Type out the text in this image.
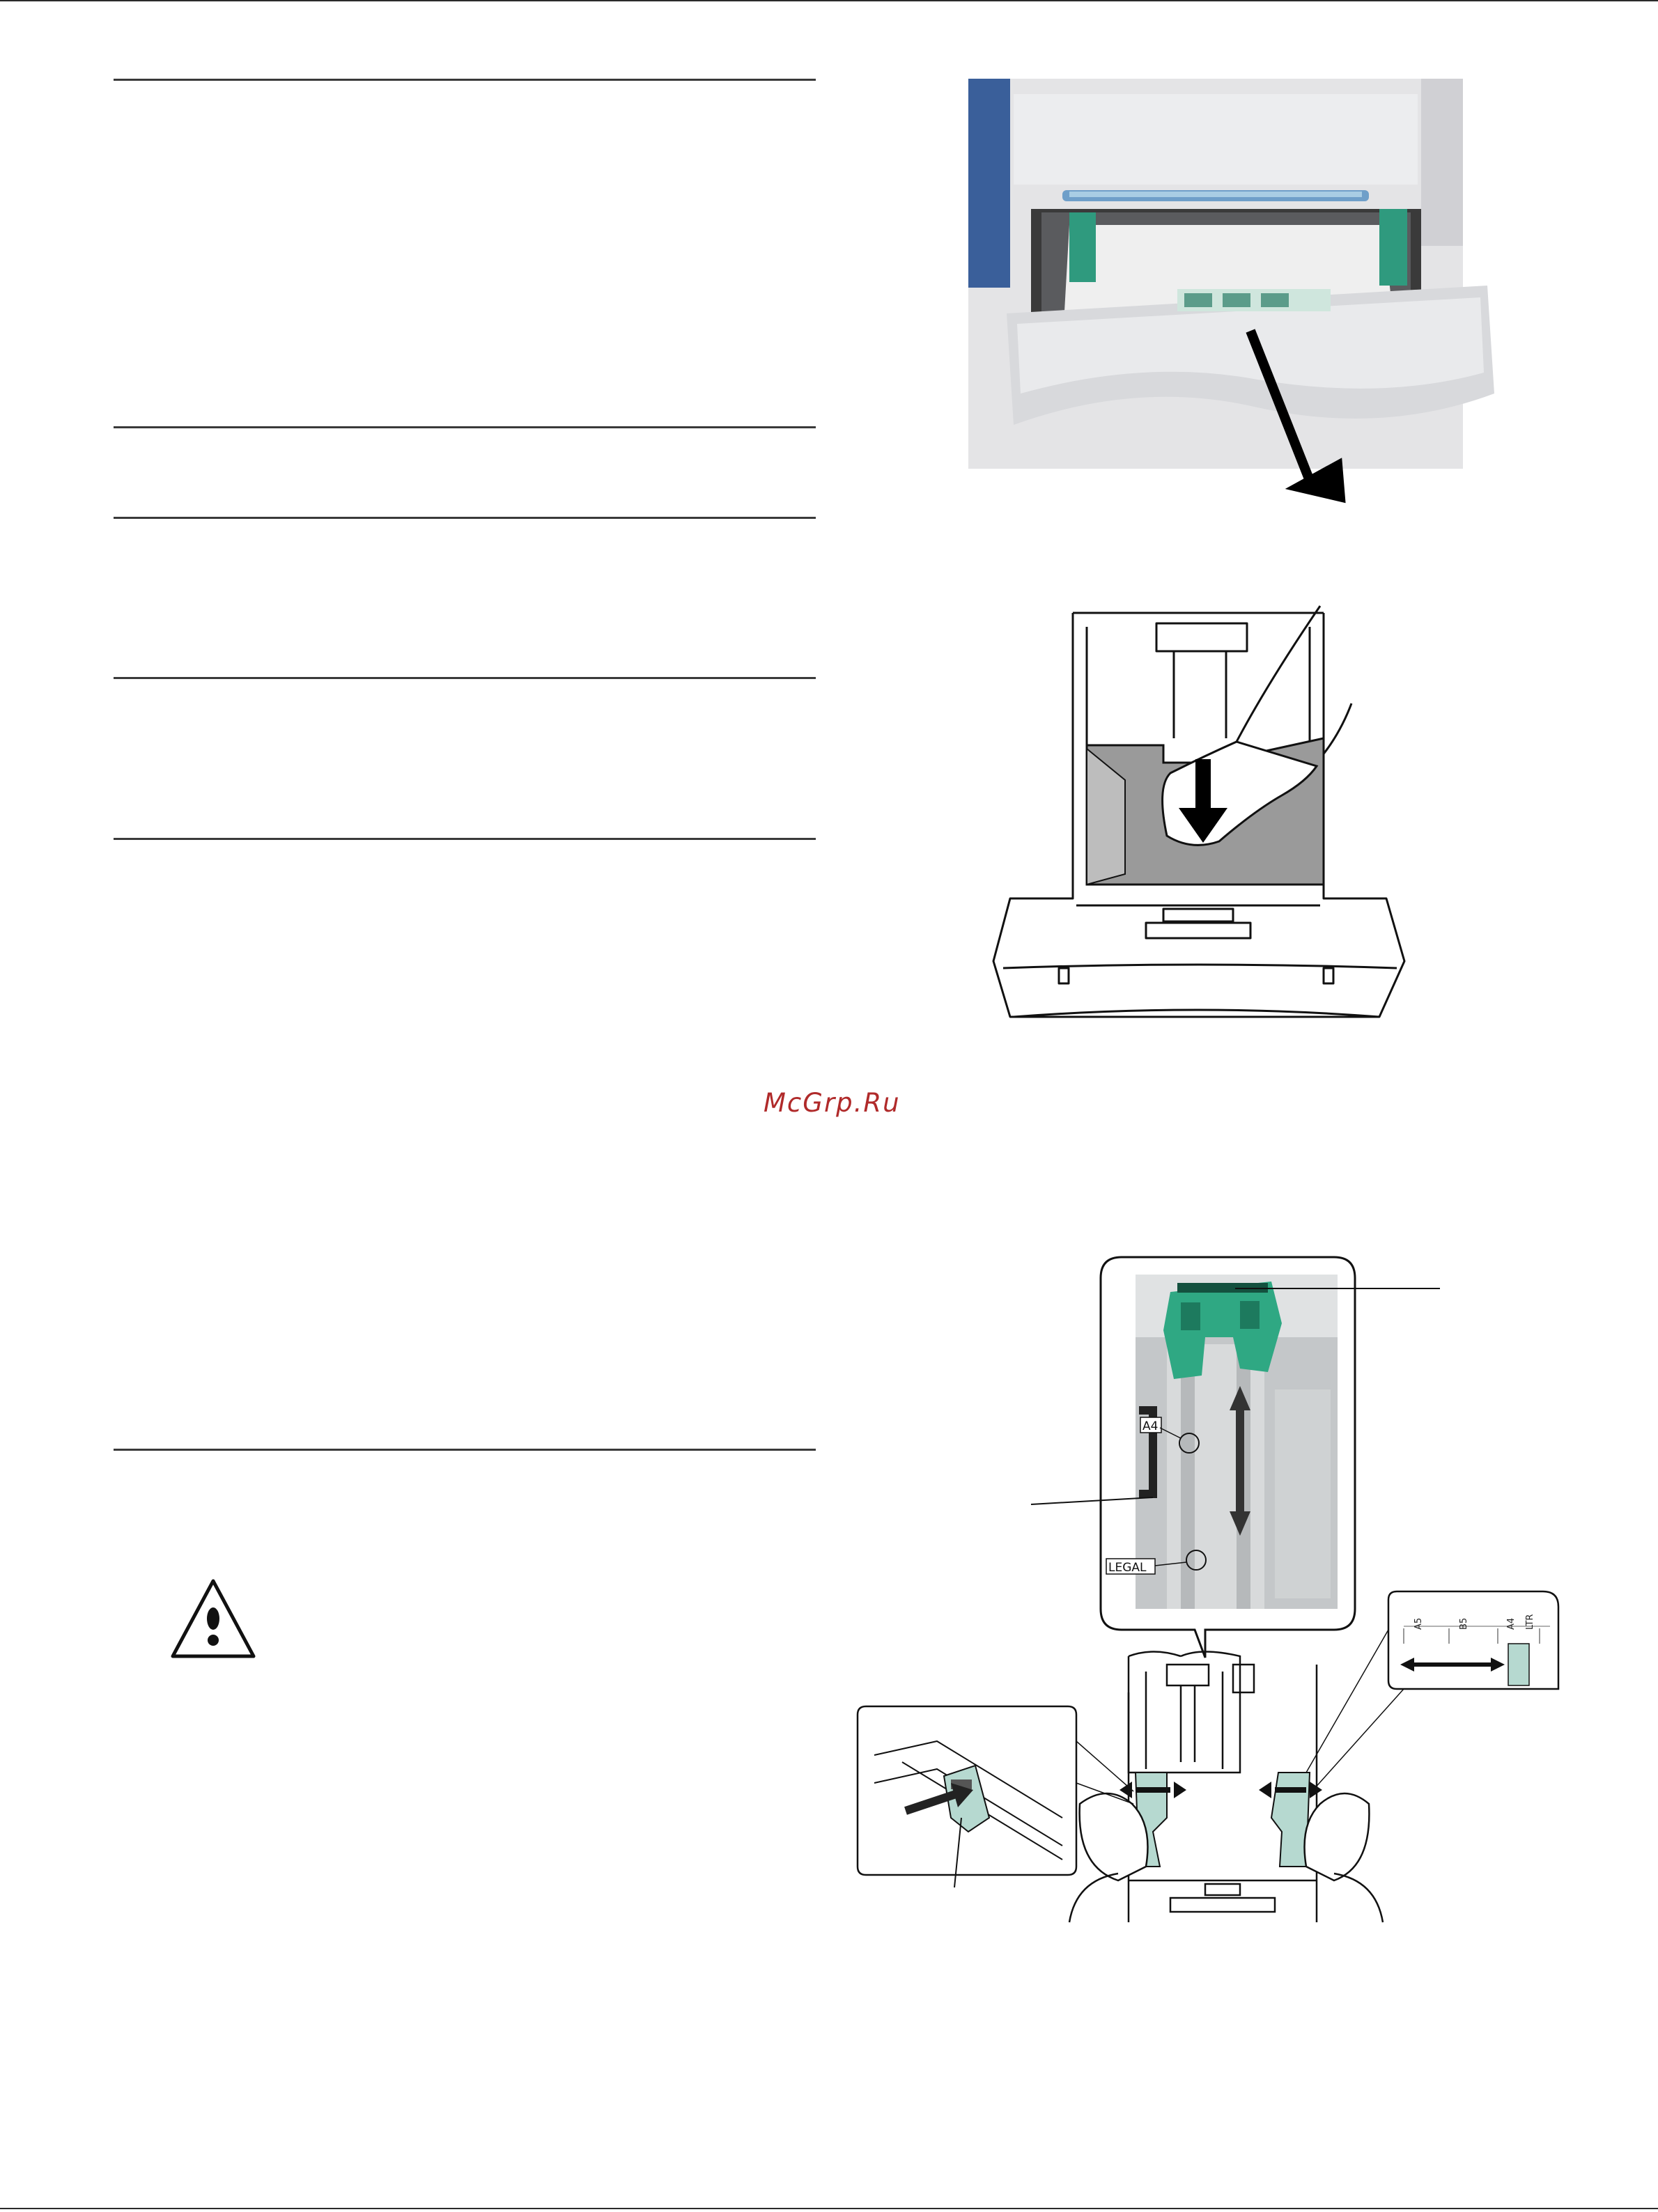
McGrp.Ru
A4
LEGAL
A5	B5	A4 LTR
